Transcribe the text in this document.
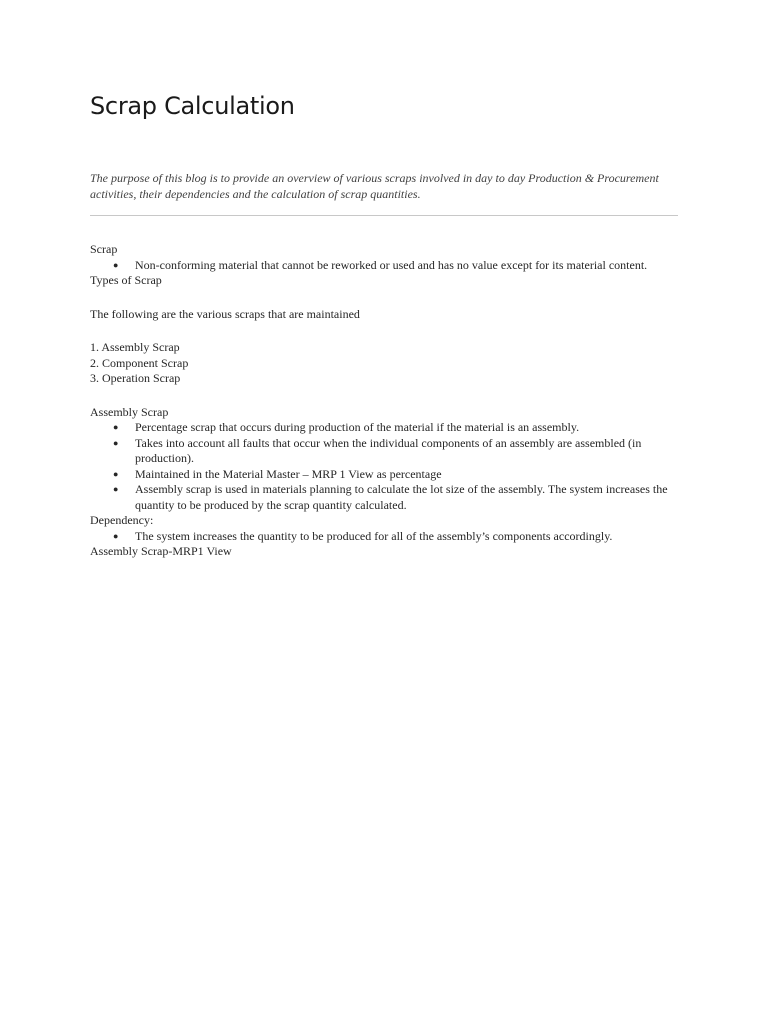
Scrap Calculation

The purpose of this blog is to provide an overview of various scraps involved in day to day Production & Procurement activities, their dependencies and the calculation of scrap quantities.

Scrap

● Non-conforming material that cannot be reworked or used and has no value except for its material content.

Types of Scrap

The following are the various scraps that are maintained

1. Assembly Scrap

2. Component Scrap

3. Operation Scrap

Assembly Scrap

● Percentage scrap that occurs during production of the material if the material is an assembly.
● Takes into account all faults that occur when the individual components of an assembly are assembled (in production).
● Maintained in the Material Master – MRP 1 View as percentage
● Assembly scrap is used in materials planning to calculate the lot size of the assembly. The system increases the quantity to be produced by the scrap quantity calculated.

Dependency:

● The system increases the quantity to be produced for all of the assembly’s components accordingly.

Assembly Scrap-MRP1 View
